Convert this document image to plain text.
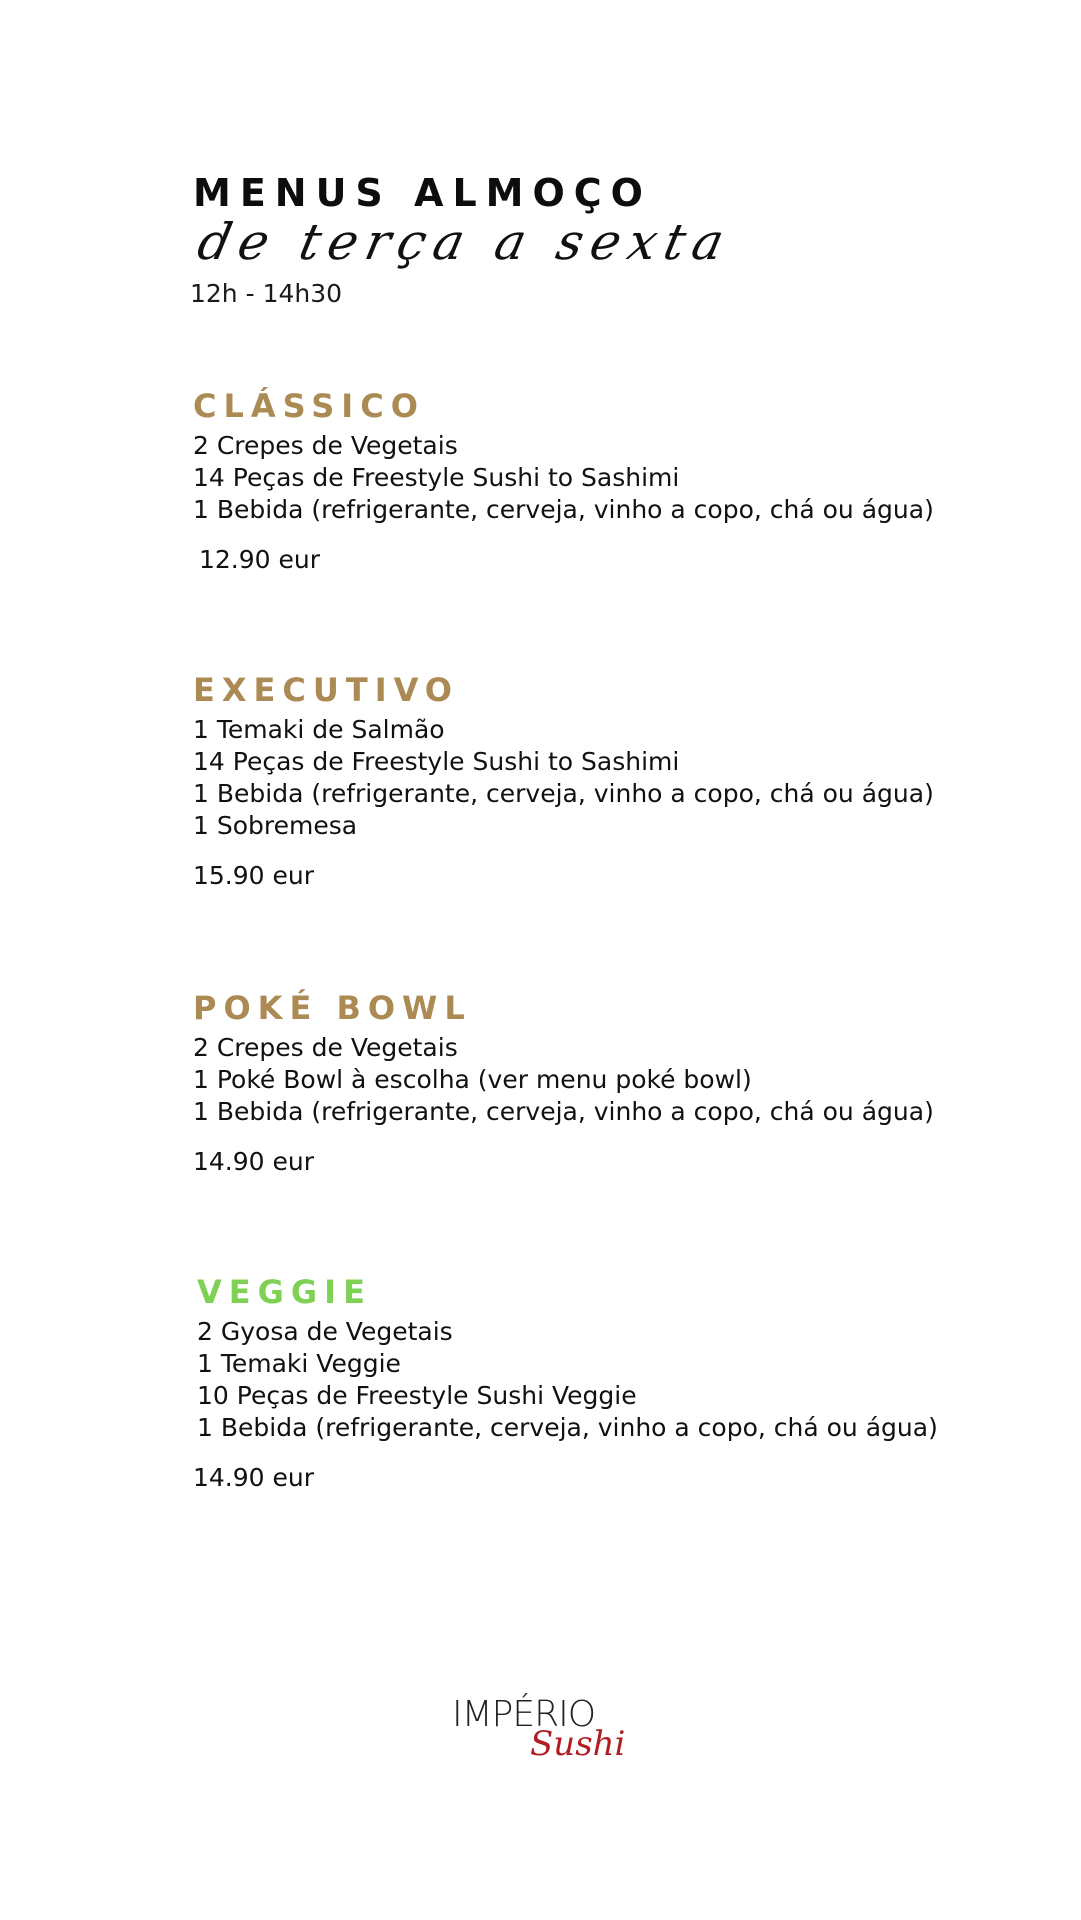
MENUS ALMOÇO
de terça a sexta
12h - 14h30
CLÁSSICO
2 Crepes de Vegetais
14 Peças de Freestyle Sushi to Sashimi
1 Bebida (refrigerante, cerveja, vinho a copo, chá ou água)
12.90 eur
EXECUTIVO
1 Temaki de Salmão
14 Peças de Freestyle Sushi to Sashimi
1 Bebida (refrigerante, cerveja, vinho a copo, chá ou água)
1 Sobremesa
15.90 eur
POKÉ BOWL
2 Crepes de Vegetais
1 Poké Bowl à escolha (ver menu poké bowl)
1 Bebida (refrigerante, cerveja, vinho a copo, chá ou água)
14.90 eur
VEGGIE
2 Gyosa de Vegetais
1 Temaki Veggie
10 Peças de Freestyle Sushi Veggie
1 Bebida (refrigerante, cerveja, vinho a copo, chá ou água)
14.90 eur
IMPÉRIO
Sushi
